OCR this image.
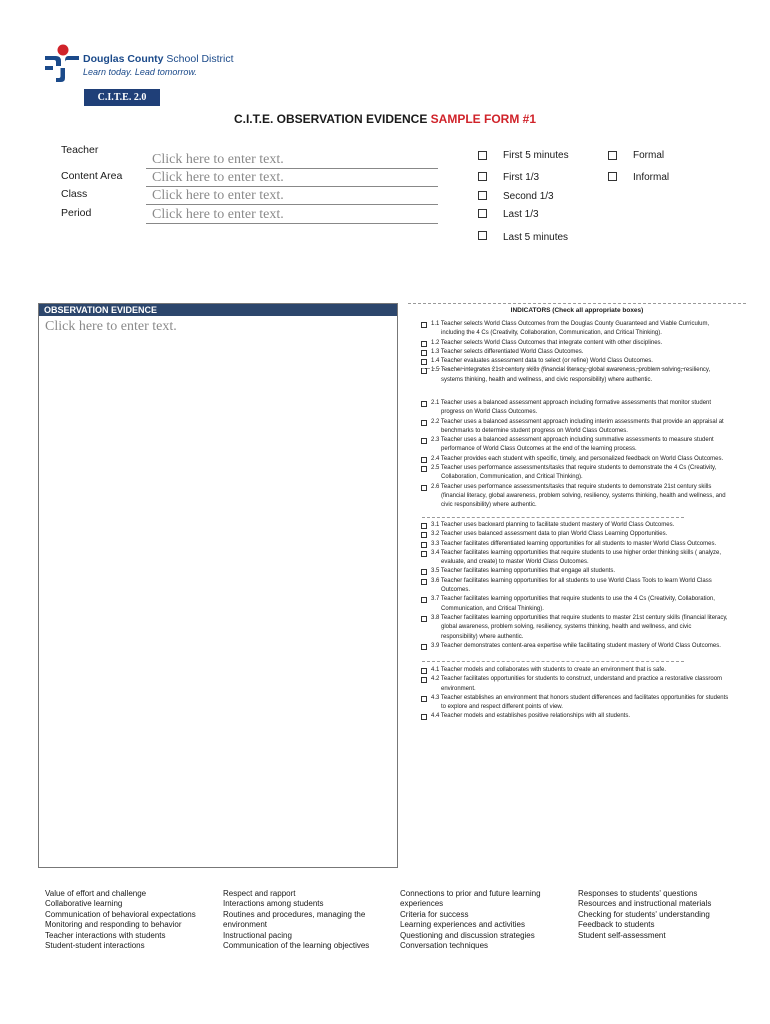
Douglas County School District
Learn today. Lead tomorrow.
C.I.T.E. 2.0
C.I.T.E. OBSERVATION EVIDENCE SAMPLE FORM #1
Teacher
Content Area
Class
Period
Click here to enter text.
Click here to enter text.
Click here to enter text.
Click here to enter text.
First 5 minutes
First 1/3
Second 1/3
Last 1/3
Last 5 minutes
Formal
Informal
OBSERVATION EVIDENCE
Click here to enter text.
INDICATORS (Check all appropriate boxes)
1.1 Teacher selects World Class Outcomes from the Douglas County Guaranteed and Viable Curriculum,
including the 4 Cs (Creativity, Collaboration, Communication, and Critical Thinking).
1.2 Teacher selects World Class Outcomes that integrate content with other disciplines.
1.3 Teacher selects differentiated World Class Outcomes.
1.4 Teacher evaluates assessment data to select (or refine) World Class Outcomes.
1.5 Teacher integrates 21st century skills (financial literacy, global awareness, problem solving, resiliency,
systems thinking, health and wellness, and civic responsibility) where authentic.
2.1 Teacher uses a balanced assessment approach including formative assessments that monitor student
progress on World Class Outcomes.
2.2 Teacher uses a balanced assessment approach including interim assessments that provide an appraisal at
benchmarks to determine student progress on World Class Outcomes.
2.3 Teacher uses a balanced assessment approach including summative assessments to measure student
performance of World Class Outcomes at the end of the learning process.
2.4 Teacher provides each student with specific, timely, and personalized feedback on World Class Outcomes.
2.5 Teacher uses performance assessments/tasks that require students to demonstrate the 4 Cs (Creativity,
Collaboration, Communication, and Critical Thinking).
2.6 Teacher uses performance assessments/tasks that require students to demonstrate 21st century skills
(financial literacy, global awareness, problem solving, resiliency, systems thinking, health and wellness, and
civic responsibility) where authentic.
3.1 Teacher uses backward planning to facilitate student mastery of World Class Outcomes.
3.2 Teacher uses balanced assessment data to plan World Class Learning Opportunities.
3.3 Teacher facilitates differentiated learning opportunities for all students to master World Class Outcomes.
3.4 Teacher facilitates learning opportunities that require students to use higher order thinking skills ( analyze,
evaluate, and create) to master World Class Outcomes.
3.5 Teacher facilitates learning opportunities that engage all students.
3.6 Teacher facilitates learning opportunities for all students to use World Class Tools to learn World Class
Outcomes.
3.7 Teacher facilitates learning opportunities that require students to use the 4 Cs (Creativity, Collaboration,
Communication, and Critical Thinking).
3.8 Teacher facilitates learning opportunities that require students to master 21st century skills (financial literacy,
global awareness, problem solving, resiliency, systems thinking, health and wellness, and civic
responsibility) where authentic.
3.9 Teacher demonstrates content-area expertise while facilitating student mastery of World Class Outcomes.
4.1 Teacher models and collaborates with students to create an environment that is safe.
4.2 Teacher facilitates opportunities for students to construct, understand and practice a restorative classroom
environment.
4.3 Teacher establishes an environment that honors student differences and facilitates opportunities for students
to explore and respect different points of view.
4.4 Teacher models and establishes positive relationships with all students.
Value of effort and challenge
Collaborative learning
Communication of behavioral expectations
Monitoring and responding to behavior
Teacher interactions with students
Student-student interactions
Respect and rapport
Interactions among students
Routines and procedures, managing the
environment
Instructional pacing
Communication of the learning objectives
Connections to prior and future learning
experiences
Criteria for success
Learning experiences and activities
Questioning and discussion strategies
Conversation techniques
Responses to students' questions
Resources and instructional materials
Checking for students' understanding
Feedback to students
Student self-assessment
